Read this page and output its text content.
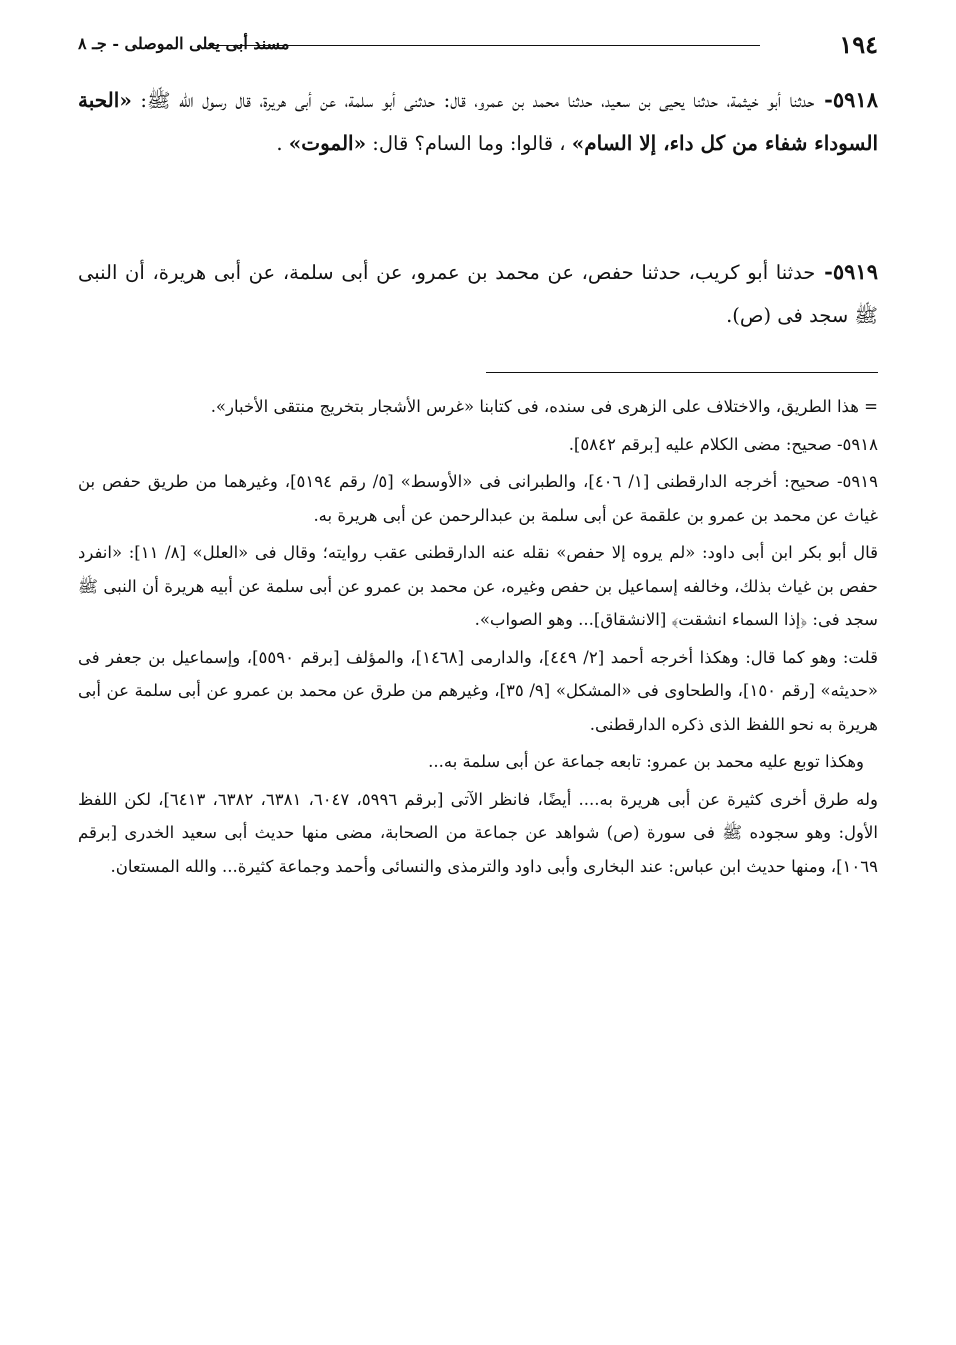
١٩٤
مسند أبى يعلى الموصلى - جـ ٨

٥٩١٨- حدثنا أبو خيثمة، حدثنا يحيى بن سعيد، حدثنا محمد بن عمرو، قال: حدثنى أبو سلمة، عن أبى هريرة، قال رسول الله ﷺ: «الحبة السوداء شفاء من كل داء، إلا السام» ، قالوا: وما السام؟ قال: «الموت» .

٥٩١٩- حدثنا أبو كريب، حدثنا حفص، عن محمد بن عمرو، عن أبى سلمة، عن أبى هريرة، أن النبى ﷺ سجد فى (ص).

= هذا الطريق، والاختلاف على الزهرى فى سنده، فى كتابنا «غرس الأشجار بتخريج منتقى الأخبار».

٥٩١٨- صحيح: مضى الكلام عليه [برقم ٥٨٤٢].

٥٩١٩- صحيح: أخرجه الدارقطنى [١/ ٤٠٦]، والطبرانى فى «الأوسط» [٥/ رقم ٥١٩٤]، وغيرهما من طريق حفص بن غياث عن محمد بن عمرو بن علقمة عن أبى سلمة بن عبدالرحمن عن أبى هريرة به.

قال أبو بكر ابن أبى داود: «لم يروه إلا حفص» نقله عنه الدارقطنى عقب روايته؛ وقال فى «العلل» [٨/ ١١]: «انفرد حفص بن غياث بذلك، وخالفه إسماعيل بن حفص وغيره، عن محمد بن عمرو عن أبى سلمة عن أبيه هريرة أن النبى ﷺ سجد فى: ﴿إذا السماء انشقت﴾ [الانشقاق]... وهو الصواب».

قلت: وهو كما قال: وهكذا أخرجه أحمد [٢/ ٤٤٩]، والدارمى [١٤٦٨]، والمؤلف [برقم ٥٥٩٠]، وإسماعيل بن جعفر فى «حديثه» [رقم ١٥٠]، والطحاوى فى «المشكل» [٩/ ٣٥]، وغيرهم من طرق عن محمد بن عمرو عن أبى سلمة عن أبى هريرة به نحو اللفظ الذى ذكره الدارقطنى.

وهكذا توبع عليه محمد بن عمرو: تابعه جماعة عن أبى سلمة به...

وله طرق أخرى كثيرة عن أبى هريرة به.... أيضًا، فانظر الآتى [برقم ٥٩٩٦، ٦٠٤٧، ٦٣٨١، ٦٣٨٢، ٦٤١٣]، لكن اللفظ الأول: وهو سجوده ﷺ فى سورة (ص) شواهد عن جماعة من الصحابة، مضى منها حديث أبى سعيد الخدرى [برقم ١٠٦٩]، ومنها حديث ابن عباس: عند البخارى وأبى داود والترمذى والنسائى وأحمد وجماعة كثيرة... والله المستعان.
